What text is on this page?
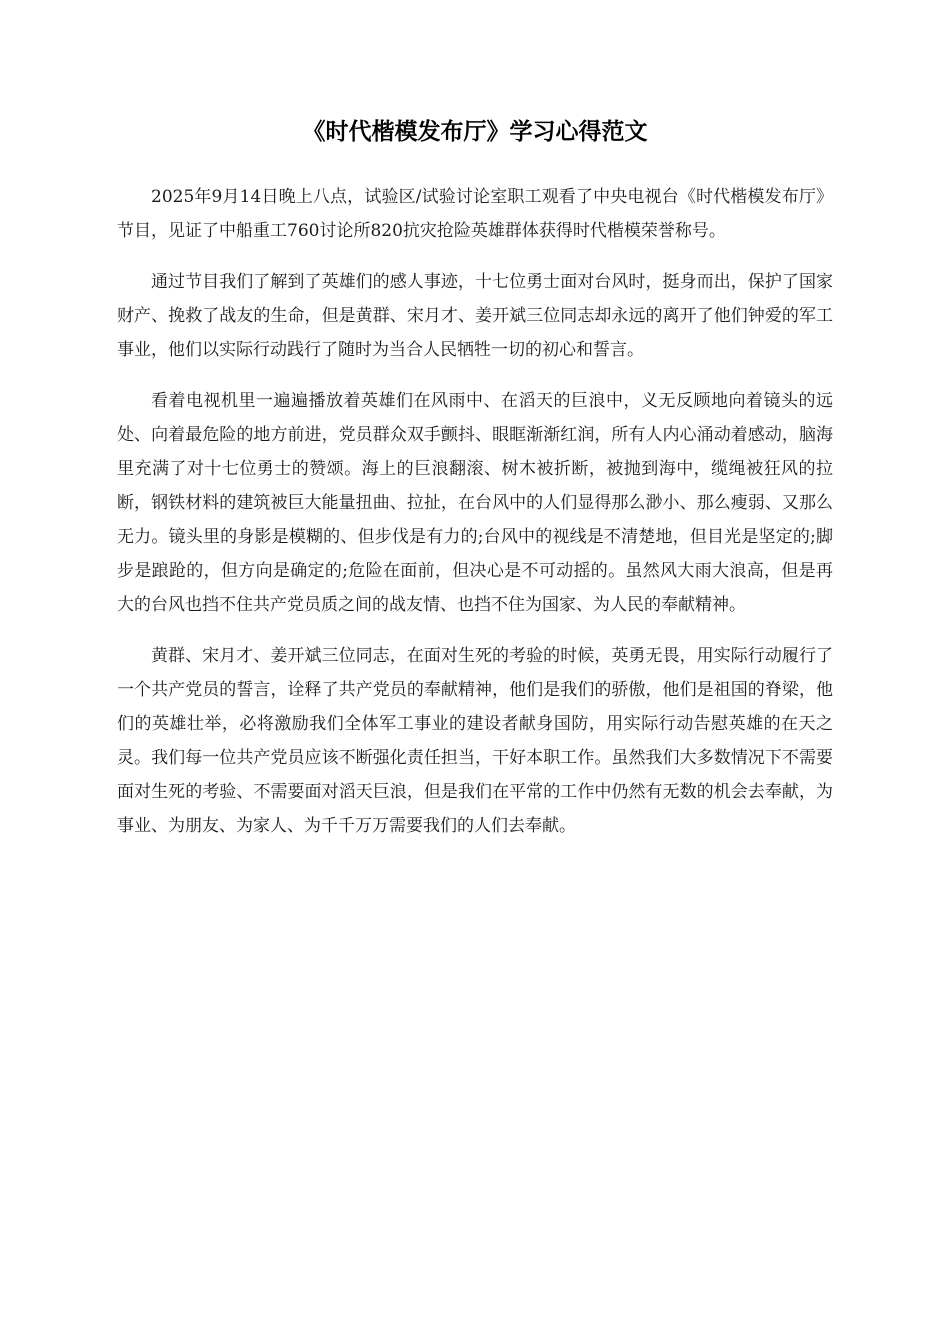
《时代楷模发布厅》学习心得范文

2025年9月14日晚上八点，试验区/试验讨论室职工观看了中央电视台《时代楷模发布厅》节目，见证了中船重工760讨论所820抗灾抢险英雄群体获得时代楷模荣誉称号。

通过节目我们了解到了英雄们的感人事迹，十七位勇士面对台风时，挺身而出，保护了国家财产、挽救了战友的生命，但是黄群、宋月才、姜开斌三位同志却永远的离开了他们钟爱的军工事业，他们以实际行动践行了随时为当合人民牺牲一切的初心和誓言。

看着电视机里一遍遍播放着英雄们在风雨中、在滔天的巨浪中，义无反顾地向着镜头的远处、向着最危险的地方前进，党员群众双手颤抖、眼眶渐渐红润，所有人内心涌动着感动，脑海里充满了对十七位勇士的赞颂。海上的巨浪翻滚、树木被折断，被抛到海中，缆绳被狂风的拉断，钢铁材料的建筑被巨大能量扭曲、拉扯，在台风中的人们显得那么渺小、那么瘦弱、又那么无力。镜头里的身影是模糊的、但步伐是有力的;台风中的视线是不清楚地，但目光是坚定的;脚步是踉跄的，但方向是确定的;危险在面前，但决心是不可动摇的。虽然风大雨大浪高，但是再大的台风也挡不住共产党员质之间的战友情、也挡不住为国家、为人民的奉献精神。

黄群、宋月才、姜开斌三位同志，在面对生死的考验的时候，英勇无畏，用实际行动履行了一个共产党员的誓言，诠释了共产党员的奉献精神，他们是我们的骄傲，他们是祖国的脊梁，他们的英雄壮举，必将激励我们全体军工事业的建设者献身国防，用实际行动告慰英雄的在天之灵。我们每一位共产党员应该不断强化责任担当，干好本职工作。虽然我们大多数情况下不需要面对生死的考验、不需要面对滔天巨浪，但是我们在平常的工作中仍然有无数的机会去奉献，为事业、为朋友、为家人、为千千万万需要我们的人们去奉献。
